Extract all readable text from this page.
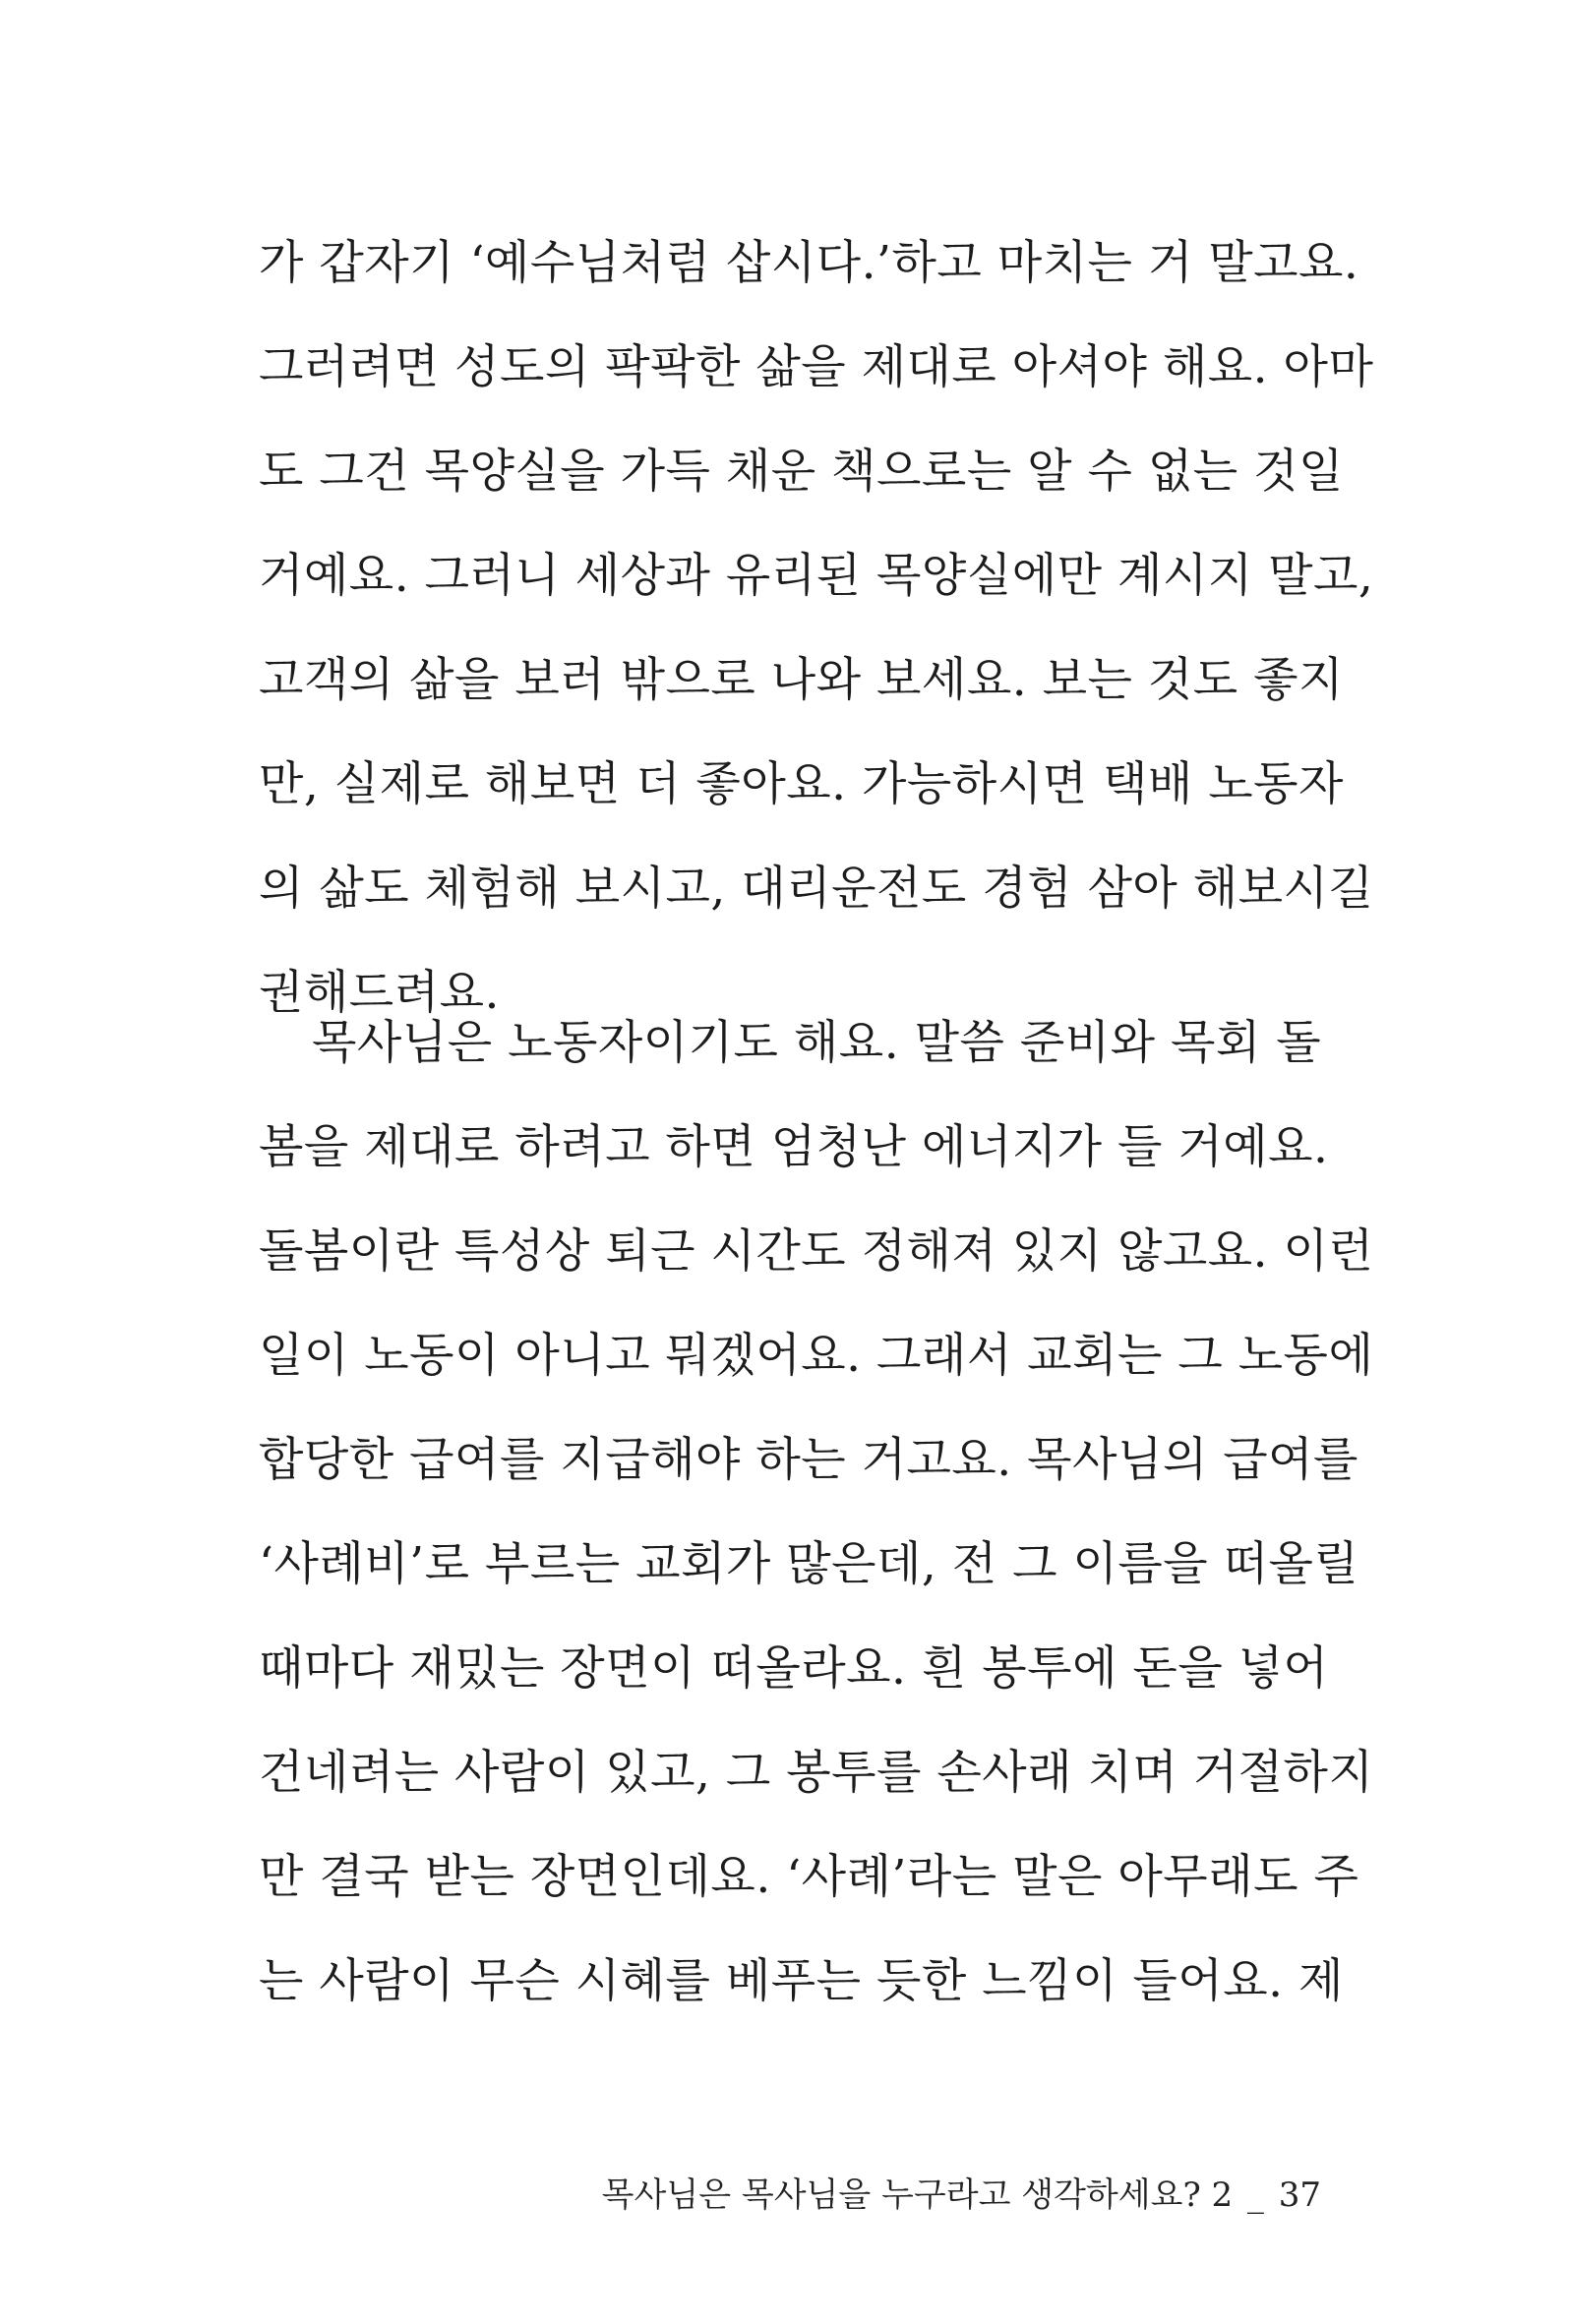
가 갑자기 ‘예수님처럼 삽시다.’하고 마치는 거 말고요.
그러려면 성도의 팍팍한 삶을 제대로 아셔야 해요. 아마
도 그건 목양실을 가득 채운 책으로는 알 수 없는 것일
거예요. 그러니 세상과 유리된 목양실에만 계시지 말고,
고객의 삶을 보러 밖으로 나와 보세요. 보는 것도 좋지
만, 실제로 해보면 더 좋아요. 가능하시면 택배 노동자
의 삶도 체험해 보시고, 대리운전도 경험 삼아 해보시길
권해드려요.
목사님은 노동자이기도 해요. 말씀 준비와 목회 돌
봄을 제대로 하려고 하면 엄청난 에너지가 들 거예요.
돌봄이란 특성상 퇴근 시간도 정해져 있지 않고요. 이런
일이 노동이 아니고 뭐겠어요. 그래서 교회는 그 노동에
합당한 급여를 지급해야 하는 거고요. 목사님의 급여를
‘사례비’로 부르는 교회가 많은데, 전 그 이름을 떠올릴
때마다 재밌는 장면이 떠올라요. 흰 봉투에 돈을 넣어
건네려는 사람이 있고, 그 봉투를 손사래 치며 거절하지
만 결국 받는 장면인데요. ‘사례’라는 말은 아무래도 주
는 사람이 무슨 시혜를 베푸는 듯한 느낌이 들어요. 제
목사님은 목사님을 누구라고 생각하세요? 2 _ 37
